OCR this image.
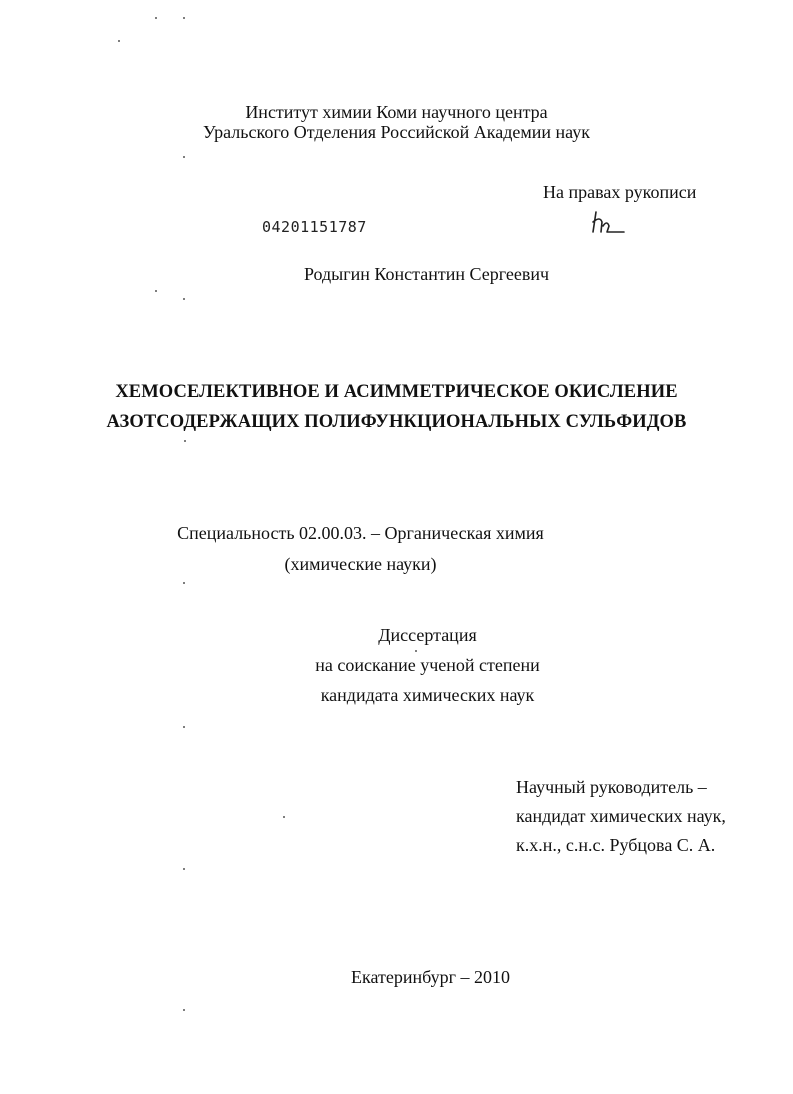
Институт химии Коми научного центра
Уральского Отделения Российской Академии наук
На правах рукописи
04201151787
Родыгин Константин Сергеевич
ХЕМОСЕЛЕКТИВНОЕ И АСИММЕТРИЧЕСКОЕ ОКИСЛЕНИЕ
АЗОТСОДЕРЖАЩИХ ПОЛИФУНКЦИОНАЛЬНЫХ СУЛЬФИДОВ
Специальность 02.00.03. – Органическая химия
(химические науки)
Диссертация
на соискание ученой степени
кандидата химических наук
Научный руководитель –
кандидат химических наук,
к.х.н., с.н.с. Рубцова С. А.
Екатеринбург – 2010
